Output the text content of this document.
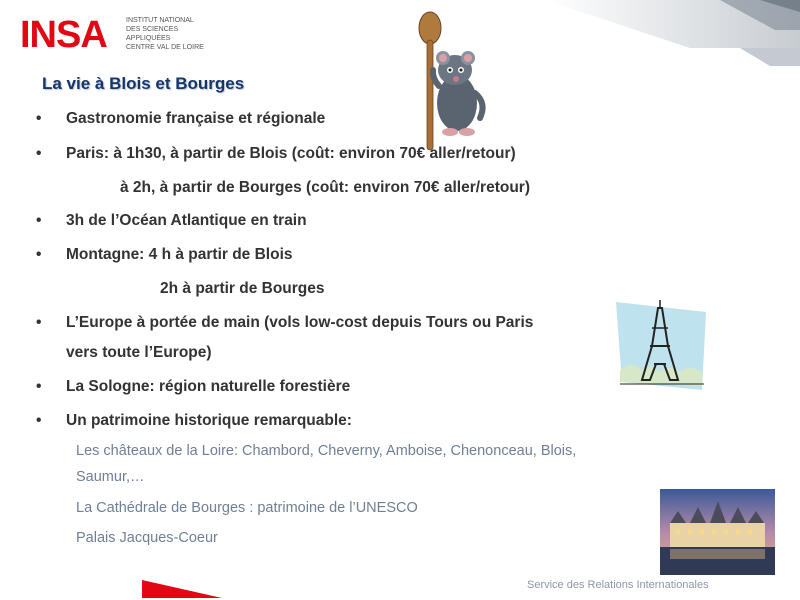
INSA	INSTITUT NATIONAL
DES SCIENCES
APPLIQUÉES
CENTRE VAL DE LOIRE
La vie à Blois et Bourges
•	Gastronomie française et régionale
•	Paris: à 1h30, à partir de Blois (coût: environ 70€ aller/retour)
à 2h, à partir de Bourges (coût: environ 70€ aller/retour)
•	3h de l’Océan Atlantique en train
•	Montagne: 4 h à partir de Blois
2h à partir de Bourges
•	L’Europe à portée de main (vols low-cost depuis Tours ou Paris
vers toute l’Europe)
•	La Sologne: région naturelle forestière
•	Un patrimoine historique remarquable:
Les châteaux de la Loire: Chambord, Cheverny, Amboise, Chenonceau, Blois,
Saumur,…
La Cathédrale de Bourges : patrimoine de l’UNESCO
Palais Jacques-Coeur
Service des Relations Internationales
